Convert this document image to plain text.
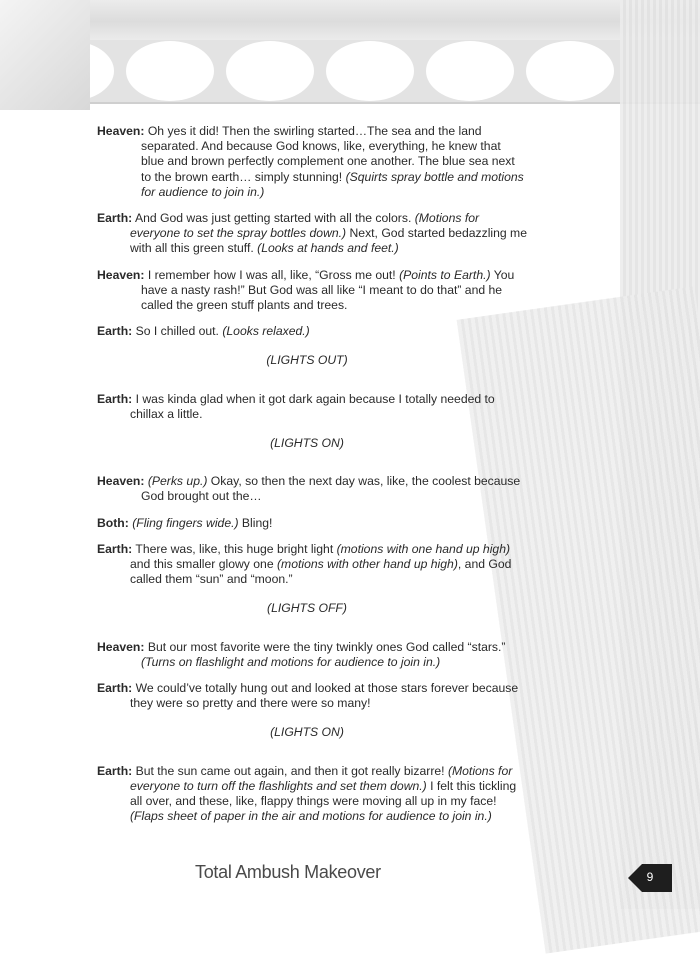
Heaven: Oh yes it did! Then the swirling started…The sea and the land separated. And because God knows, like, everything, he knew that blue and brown perfectly complement one another. The blue sea next to the brown earth… simply stunning! (Squirts spray bottle and motions for audience to join in.)
Earth: And God was just getting started with all the colors. (Motions for everyone to set the spray bottles down.) Next, God started bedazzling me with all this green stuff. (Looks at hands and feet.)
Heaven: I remember how I was all, like, “Gross me out! (Points to Earth.) You have a nasty rash!” But God was all like “I meant to do that” and he called the green stuff plants and trees.
Earth: So I chilled out. (Looks relaxed.)
(LIGHTS OUT)
Earth: I was kinda glad when it got dark again because I totally needed to chillax a little.
(LIGHTS ON)
Heaven: (Perks up.) Okay, so then the next day was, like, the coolest because God brought out the…
Both: (Fling fingers wide.) Bling!
Earth: There was, like, this huge bright light (motions with one hand up high) and this smaller glowy one (motions with other hand up high), and God called them “sun” and “moon.”
(LIGHTS OFF)
Heaven: But our most favorite were the tiny twinkly ones God called “stars.” (Turns on flashlight and motions for audience to join in.)
Earth: We could’ve totally hung out and looked at those stars forever because they were so pretty and there were so many!
(LIGHTS ON)
Earth: But the sun came out again, and then it got really bizarre! (Motions for everyone to turn off the flashlights and set them down.) I felt this tickling all over, and these, like, flappy things were moving all up in my face! (Flaps sheet of paper in the air and motions for audience to join in.)
Total Ambush Makeover	9
